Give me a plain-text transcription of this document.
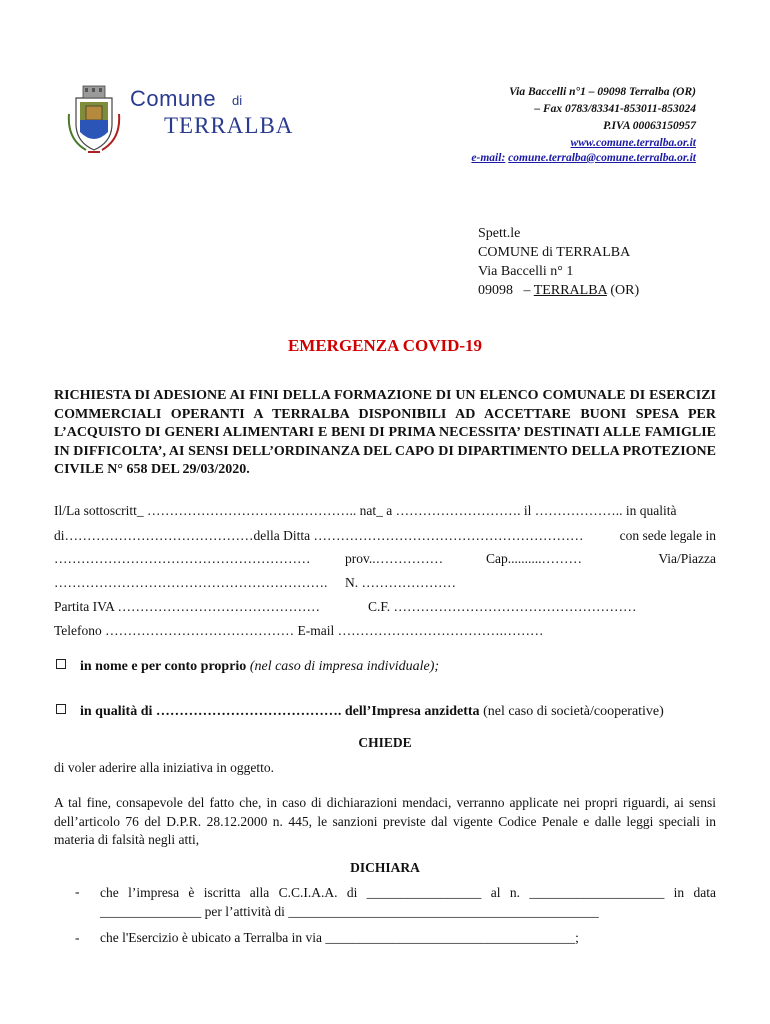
Comune di
TERRALBA
Via Baccelli n°1 – 09098 Terralba (OR)
– Fax 0783/83341-853011-853024
P.IVA 00063150957
www.comune.terralba.or.it
e-mail: comune.terralba@comune.terralba.or.it
Spett.le
COMUNE di TERRALBA
Via Baccelli n° 1
09098   – TERRALBA (OR)
EMERGENZA COVID-19
RICHIESTA DI ADESIONE AI FINI DELLA FORMAZIONE DI UN ELENCO COMUNALE DI ESERCIZI COMMERCIALI OPERANTI A TERRALBA DISPONIBILI AD ACCETTARE BUONI SPESA PER L’ACQUISTO DI GENERI ALIMENTARI E BENI DI PRIMA NECESSITA’ DESTINATI ALLE FAMIGLIE IN DIFFICOLTA’, AI SENSI DELL’ORDINANZA DEL CAPO DI DIPARTIMENTO DELLA PROTEZIONE CIVILE N° 658 DEL 29/03/2020.
Il/La sottoscritt_ ……………………………………….. nat_ a ………………………. il ……………….. in qualità
di……………………………………della Ditta ……………………………………………………	con sede legale in
…………………………………………………	prov..……………	Cap..........………	Via/Piazza
……………………………………………………. N. …………………
Partita IVA ………………………………………	C.F. ………………………………………………
Telefono …………………………………… E-mail ……………………………….………
in nome e per conto proprio (nel caso di impresa individuale);
in qualità di …………………………………. dell’Impresa anzidetta (nel caso di società/cooperative)
CHIEDE
di voler aderire alla iniziativa in oggetto.
A tal fine, consapevole del fatto che, in caso di dichiarazioni mendaci, verranno applicate nei propri riguardi, ai sensi dell’articolo 76 del D.P.R. 28.12.2000 n. 445, le sanzioni previste dal vigente Codice Penale e dalle leggi speciali in materia di falsità negli atti,
DICHIARA
- che l’impresa è iscritta alla C.C.I.A.A. di _________________ al n. ____________________ in data _______________ per l’attività di ______________________________________________
- che l'Esercizio è ubicato a Terralba in via _____________________________________;
